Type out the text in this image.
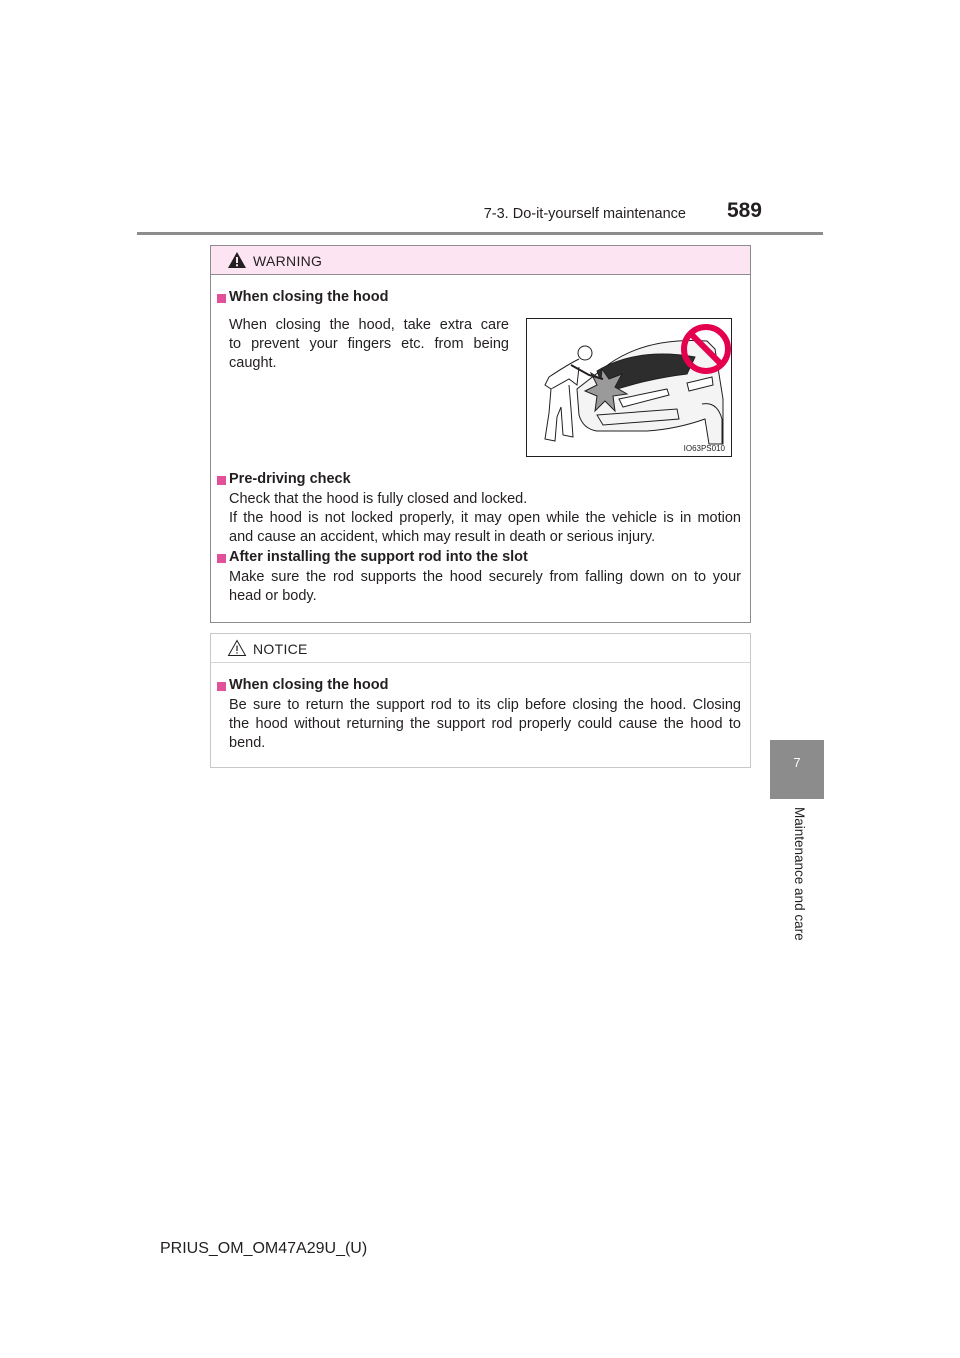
7-3. Do-it-yourself maintenance	589
7
Maintenance and care
WARNING
When closing the hood
When closing the hood, take extra care
to prevent your fingers etc. from being
caught.
Pre-driving check
Check that the hood is fully closed and locked.
If the hood is not locked properly, it may open while the vehicle is in motion
and cause an accident, which may result in death or serious injury.
After installing the support rod into the slot
Make sure the rod supports the hood securely from falling down on to your
head or body.
IO63PS010
NOTICE
When closing the hood
Be sure to return the support rod to its clip before closing the hood. Closing
the hood without returning the support rod properly could cause the hood to
bend.
PRIUS_OM_OM47A29U_(U)
